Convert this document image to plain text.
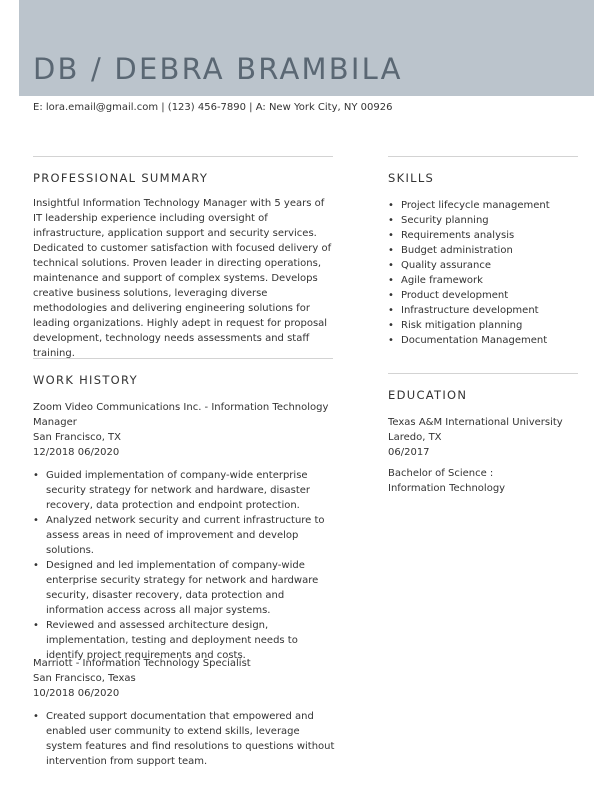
DB / DEBRA BRAMBILA
E: lora.email@gmail.com | (123) 456-7890 | A: New York City, NY 00926
PROFESSIONAL SUMMARY

Insightful Information Technology Manager with 5 years of IT leadership experience including oversight of infrastructure, application support and security services. Dedicated to customer satisfaction with focused delivery of technical solutions. Proven leader in directing operations, maintenance and support of complex systems. Develops creative business solutions, leveraging diverse methodologies and delivering engineering solutions for leading organizations. Highly adept in request for proposal development, technology needs assessments and staff training.

WORK HISTORY

Zoom Video Communications Inc. - Information Technology Manager

San Francisco, TX

12/2018 06/2020

• Guided implementation of company-wide enterprise security strategy for network and hardware, disaster recovery, data protection and endpoint protection.
• Analyzed network security and current infrastructure to assess areas in need of improvement and develop solutions.
• Designed and led implementation of company-wide enterprise security strategy for network and hardware security, disaster recovery, data protection and information access across all major systems.
• Reviewed and assessed architecture design, implementation, testing and deployment needs to identify project requirements and costs.

Marriott - Information Technology Specialist

San Francisco, Texas

10/2018 06/2020

• Created support documentation that empowered and enabled user community to extend skills, leverage system features and find resolutions to questions without intervention from support team.
SKILLS
• Project lifecycle management
• Security planning
• Requirements analysis
• Budget administration
• Quality assurance
• Agile framework
• Product development
• Infrastructure development
• Risk mitigation planning
• Documentation Management
EDUCATION

Texas A&M International University

Laredo, TX

06/2017

Bachelor of Science :

Information Technology
